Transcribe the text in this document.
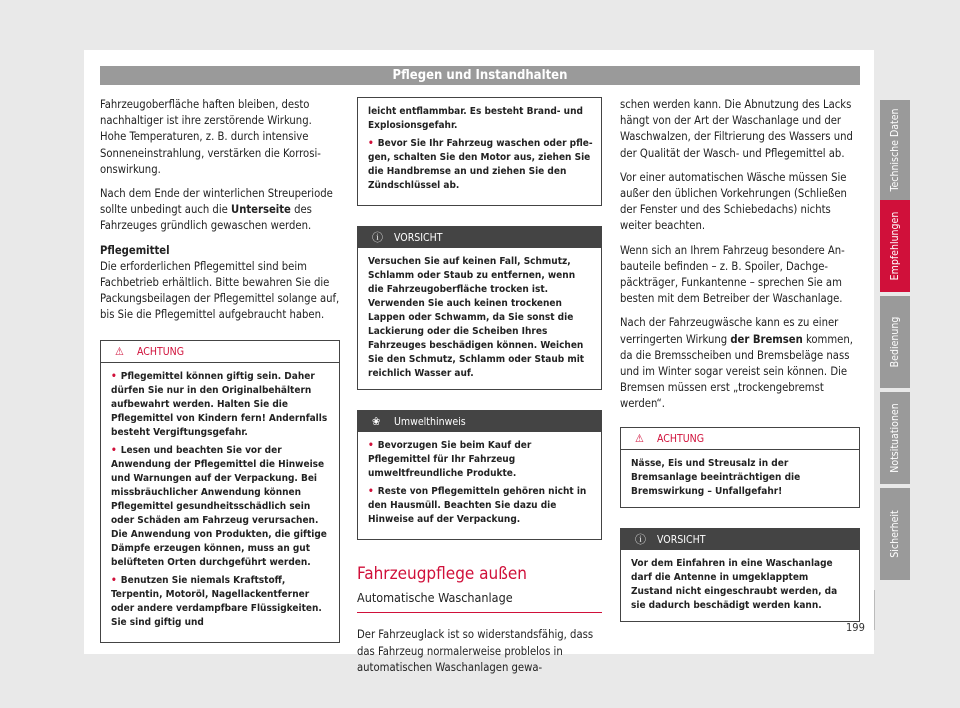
Pflegen und Instandhalten

Fahrzeugoberfläche haften bleiben, desto nachhaltiger ist ihre zerstörende Wirkung. Hohe Temperaturen, z. B. durch intensive Sonneneinstrahlung, verstärken die Korrosionswirkung.

Nach dem Ende der winterlichen Streuperiode sollte unbedingt auch die Unterseite des Fahrzeuges gründlich gewaschen werden.

Pflegemittel

Die erforderlichen Pflegemittel sind beim Fachbetrieb erhältlich. Bitte bewahren Sie die Packungsbeilagen der Pflegemittel solange auf, bis Sie die Pflegemittel aufgebraucht haben.

⚠ ACHTUNG

• Pflegemittel können giftig sein. Daher dürfen Sie nur in den Originalbehältern aufbewahrt werden. Halten Sie die Pflegemittel von Kindern fern! Andernfalls besteht Vergiftungsgefahr.

• Lesen und beachten Sie vor der Anwendung der Pflegemittel die Hinweise und Warnungen auf der Verpackung. Bei missbräuchlicher Anwendung können Pflegemittel gesundheitsschädlich sein oder Schäden am Fahrzeug verursachen. Die Anwendung von Produkten, die giftige Dämpfe erzeugen können, muss an gut belüfteten Orten durchgeführt werden.

• Benutzen Sie niemals Kraftstoff, Terpentin, Motoröl, Nagellackentferner oder andere verdampfbare Flüssigkeiten. Sie sind giftig und

leicht entflammbar. Es besteht Brand- und Explosionsgefahr.

• Bevor Sie Ihr Fahrzeug waschen oder pflegen, schalten Sie den Motor aus, ziehen Sie die Handbremse an und ziehen Sie den Zündschlüssel ab.

ⓘ VORSICHT
Versuchen Sie auf keinen Fall, Schmutz, Schlamm oder Staub zu entfernen, wenn die Fahrzeugoberfläche trocken ist. Verwenden Sie auch keinen trockenen Lappen oder Schwamm, da Sie sonst die Lackierung oder die Scheiben Ihres Fahrzeuges beschädigen können. Weichen Sie den Schmutz, Schlamm oder Staub mit reichlich Wasser auf.
❀ Umwelthinweis

• Bevorzugen Sie beim Kauf der Pflegemittel für Ihr Fahrzeug umweltfreundliche Produkte.

• Reste von Pflegemitteln gehören nicht in den Hausmüll. Beachten Sie dazu die Hinweise auf der Verpackung.

Fahrzeugpflege außen
Automatische Waschanlage

Der Fahrzeuglack ist so widerstandsfähig, dass das Fahrzeug normalerweise problelos in automatischen Waschanlagen gewa-

schen werden kann. Die Abnutzung des Lacks hängt von der Art der Waschanlage und der Waschwalzen, der Filtrierung des Wassers und der Qualität der Wasch- und Pflegemittel ab.

Vor einer automatischen Wäsche müssen Sie außer den üblichen Vorkehrungen (Schließen der Fenster und des Schiebedachs) nichts weiter beachten.

Wenn sich an Ihrem Fahrzeug besondere Anbauteile befinden – z. B. Spoiler, Dachgepäckträger, Funkantenne – sprechen Sie am besten mit dem Betreiber der Waschanlage.

Nach der Fahrzeugwäsche kann es zu einer verringerten Wirkung der Bremsen kommen, da die Bremsscheiben und Bremsbeläge nass und im Winter sogar vereist sein können. Die Bremsen müssen erst „trockengebremst werden“.

⚠ ACHTUNG
Nässe, Eis und Streusalz in der Bremsanlage beeinträchtigen die Bremswirkung – Unfallgefahr!
ⓘ VORSICHT
Vor dem Einfahren in eine Waschanlage darf die Antenne in umgeklapptem Zustand nicht eingeschraubt werden, da sie dadurch beschädigt werden kann.
Technische Daten
Empfehlungen
Bedienung
Notsituationen
Sicherheit
199
